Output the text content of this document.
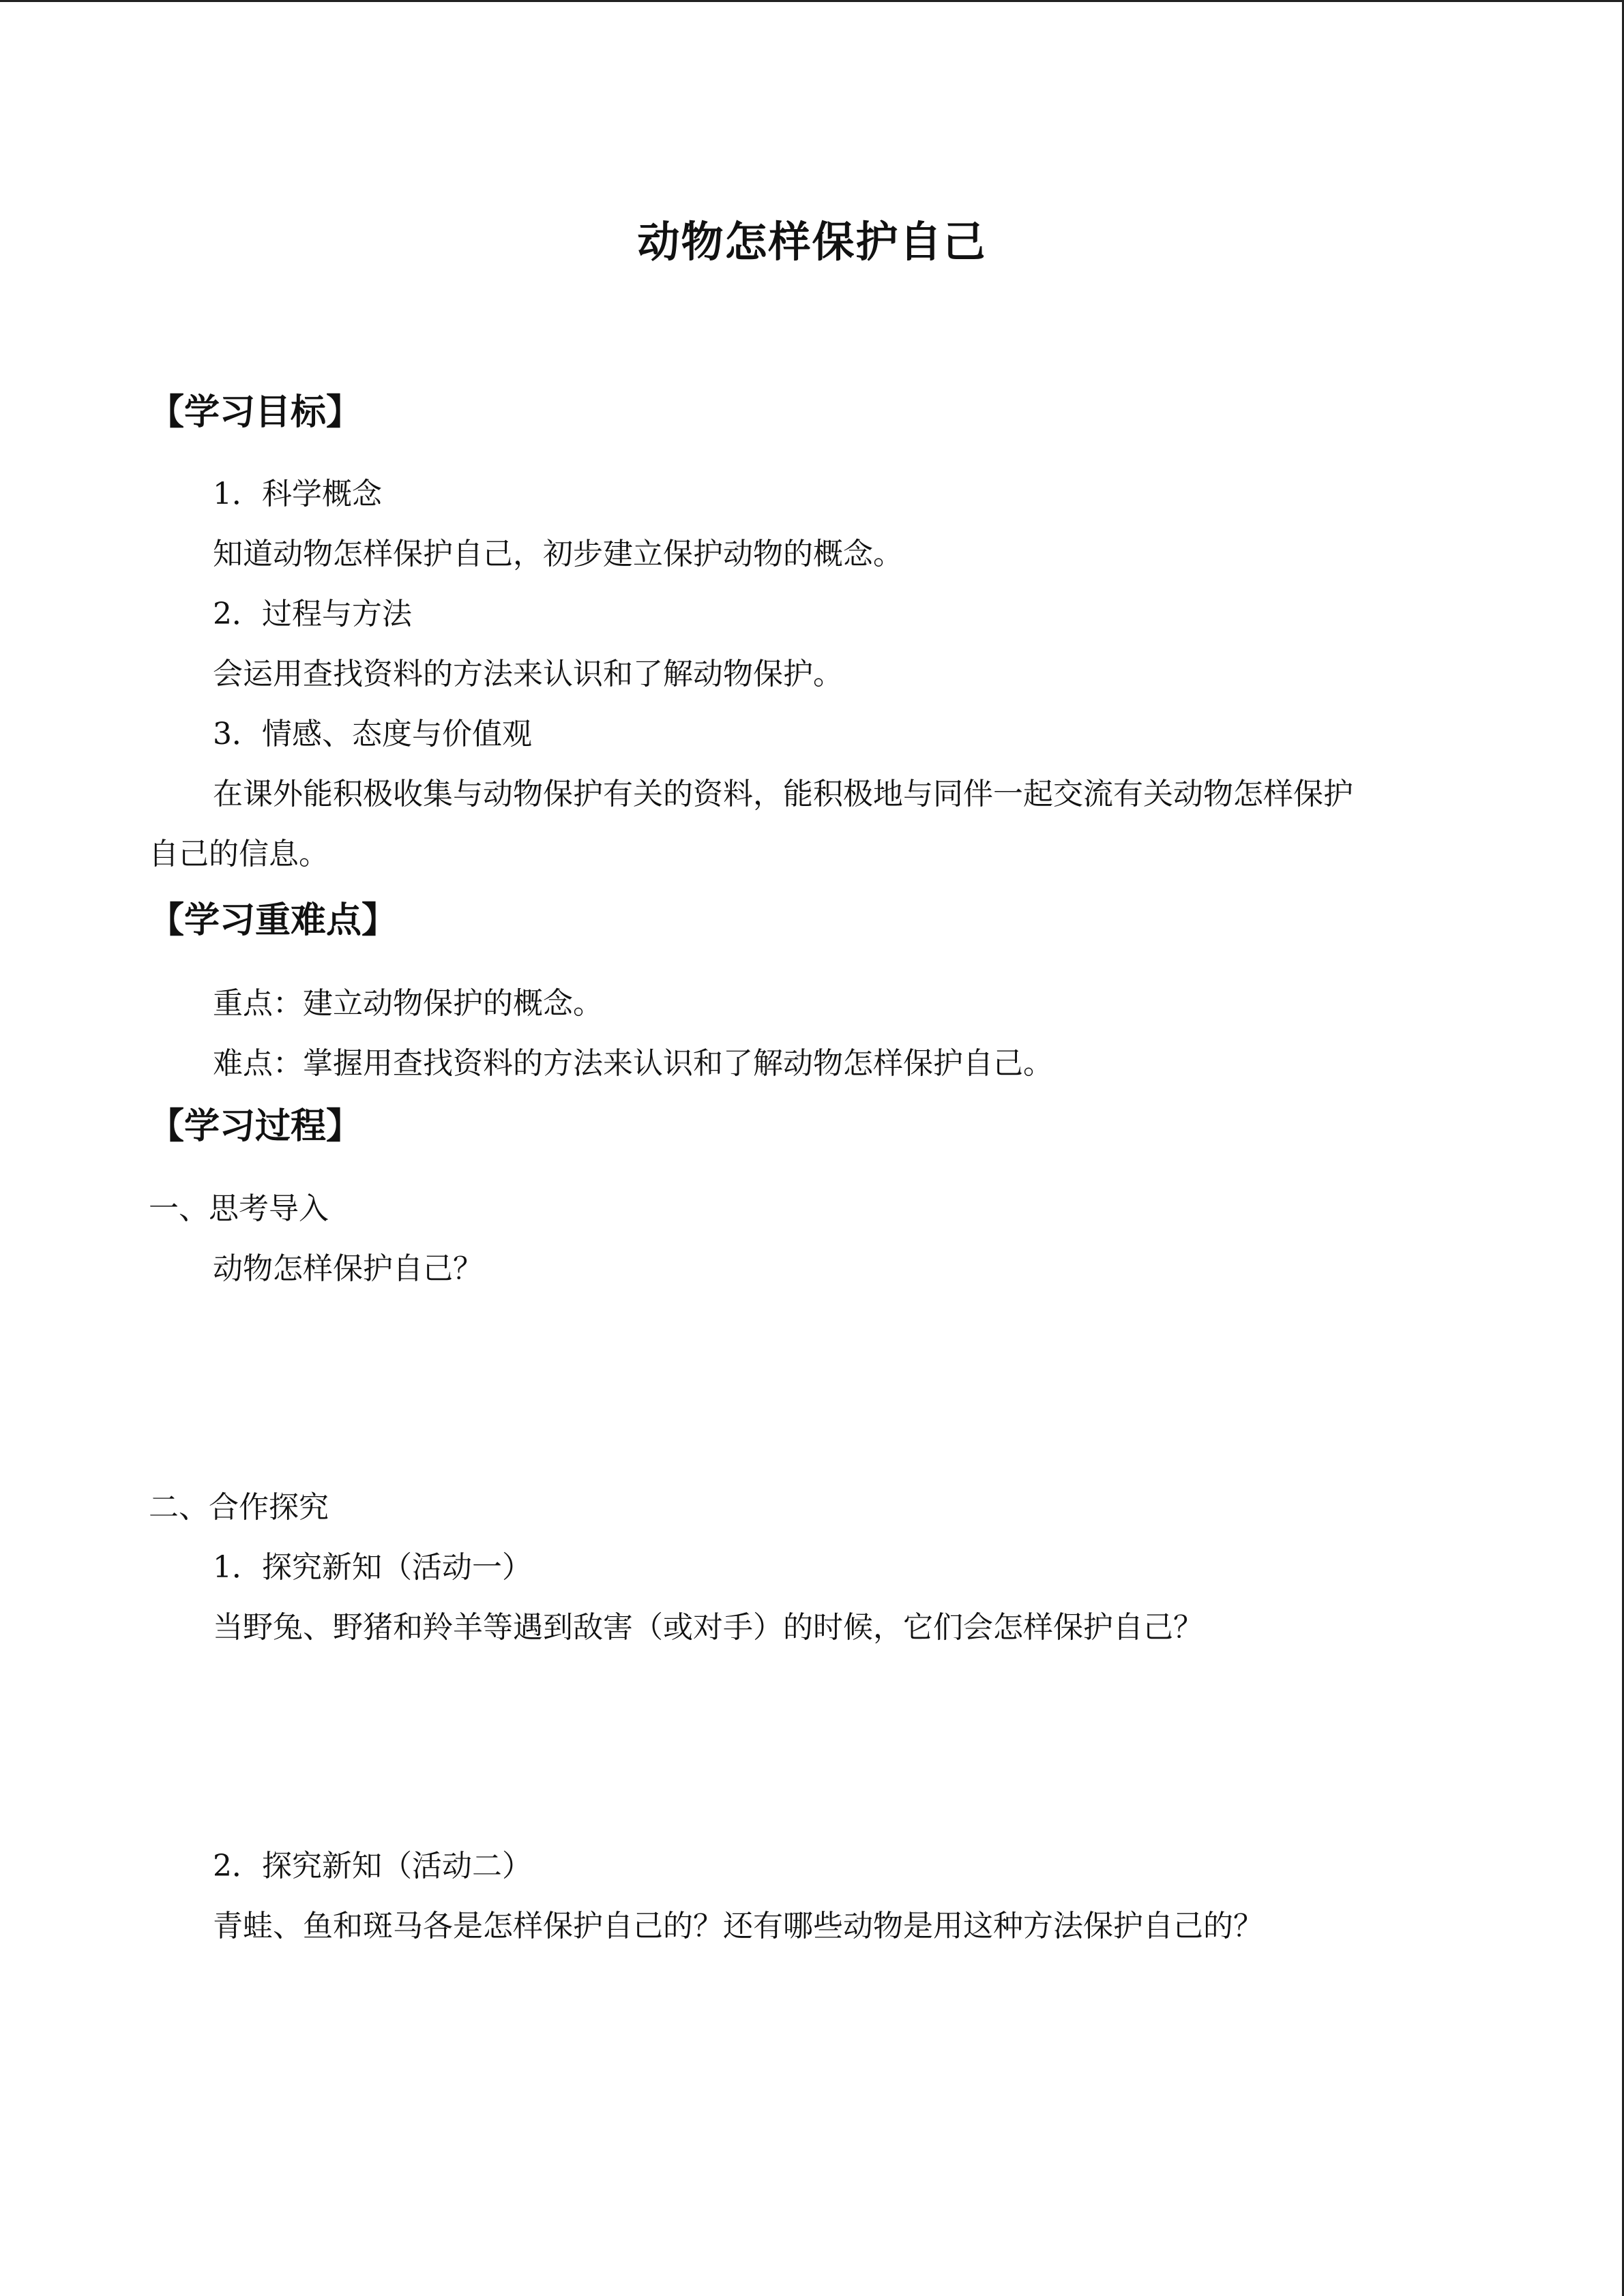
动物怎样保护自己
【学习目标】
1．科学概念
知道动物怎样保护自己，初步建立保护动物的概念。
2．过程与方法
会运用查找资料的方法来认识和了解动物保护。
3．情感、态度与价值观
在课外能积极收集与动物保护有关的资料，能积极地与同伴一起交流有关动物怎样保护
自己的信息。
【学习重难点】
重点：建立动物保护的概念。
难点：掌握用查找资料的方法来认识和了解动物怎样保护自己。
【学习过程】
一、思考导入
动物怎样保护自己？
二、合作探究
1．探究新知（活动一）
当野兔、野猪和羚羊等遇到敌害（或对手）的时候，它们会怎样保护自己？
2．探究新知（活动二）
青蛙、鱼和斑马各是怎样保护自己的？还有哪些动物是用这种方法保护自己的？
